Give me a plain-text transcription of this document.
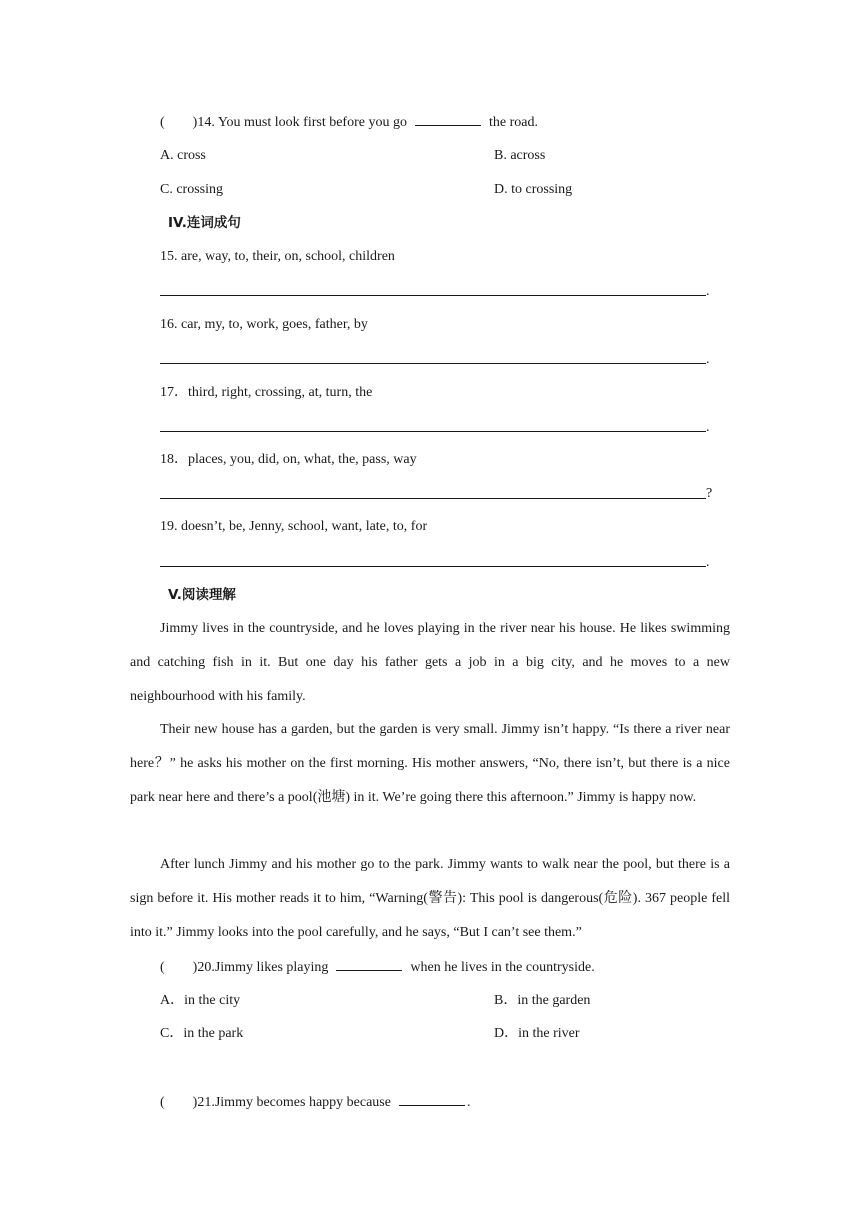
( )14. You must look first before you go	the road.
A. cross	B. across
C. crossing	D. to crossing
IV.连词成句
15. are, way, to, their, on, school, children
.
16. car, my, to, work, goes, father, by
.
17．third, right, crossing, at, turn, the
.
18．places, you, did, on, what, the, pass, way
?
19. doesn’t, be, Jenny, school, want, late, to, for
.
V.阅读理解
Jimmy lives in the countryside, and he loves playing in the river near his house. He likes swimming and catching fish in it. But one day his father gets a job in a big city, and he moves to a new neighbourhood with his family.
Their new house has a garden, but the garden is very small. Jimmy isn’t happy. “Is there a river near here？” he asks his mother on the first morning. His mother answers, “No, there isn’t, but there is a nice park near here and there’s a pool(池塘) in it. We’re going there this afternoon.” Jimmy is happy now.
After lunch Jimmy and his mother go to the park. Jimmy wants to walk near the pool, but there is a sign before it. His mother reads it to him, “Warning(警告): This pool is dangerous(危险). 367 people fell into it.” Jimmy looks into the pool carefully, and he says, “But I can’t see them.”
( )20.Jimmy likes playing	when he lives in the countryside.
A．in the city	B．in the garden
C．in the park	D．in the river
( )21.Jimmy becomes happy because	.
